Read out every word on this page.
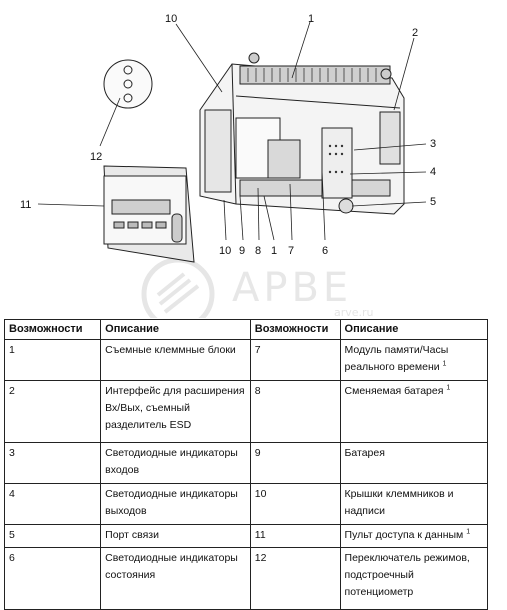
АРВЕ
arve.ru
10	1
2
3
4
5
6
7
1
8
9
10
11
12
Возможности	Описание	Возможности	Описание
1	Съемные клеммные блоки	7	Модуль памяти/Часы реального времени $^1$
2	Интерфейс для расширения Вх/Вых, съемный разделитель ESD	8	Сменяемая батарея $^1$
3	Светодиодные индикаторы входов	9	Батарея
4	Светодиодные индикаторы выходов	10	Крышки клеммников и надписи
5	Порт связи	11	Пульт доступа к данным $^1$
6	Светодиодные индикаторы состояния	12	Переключатель режимов, подстроечный потенциометр
